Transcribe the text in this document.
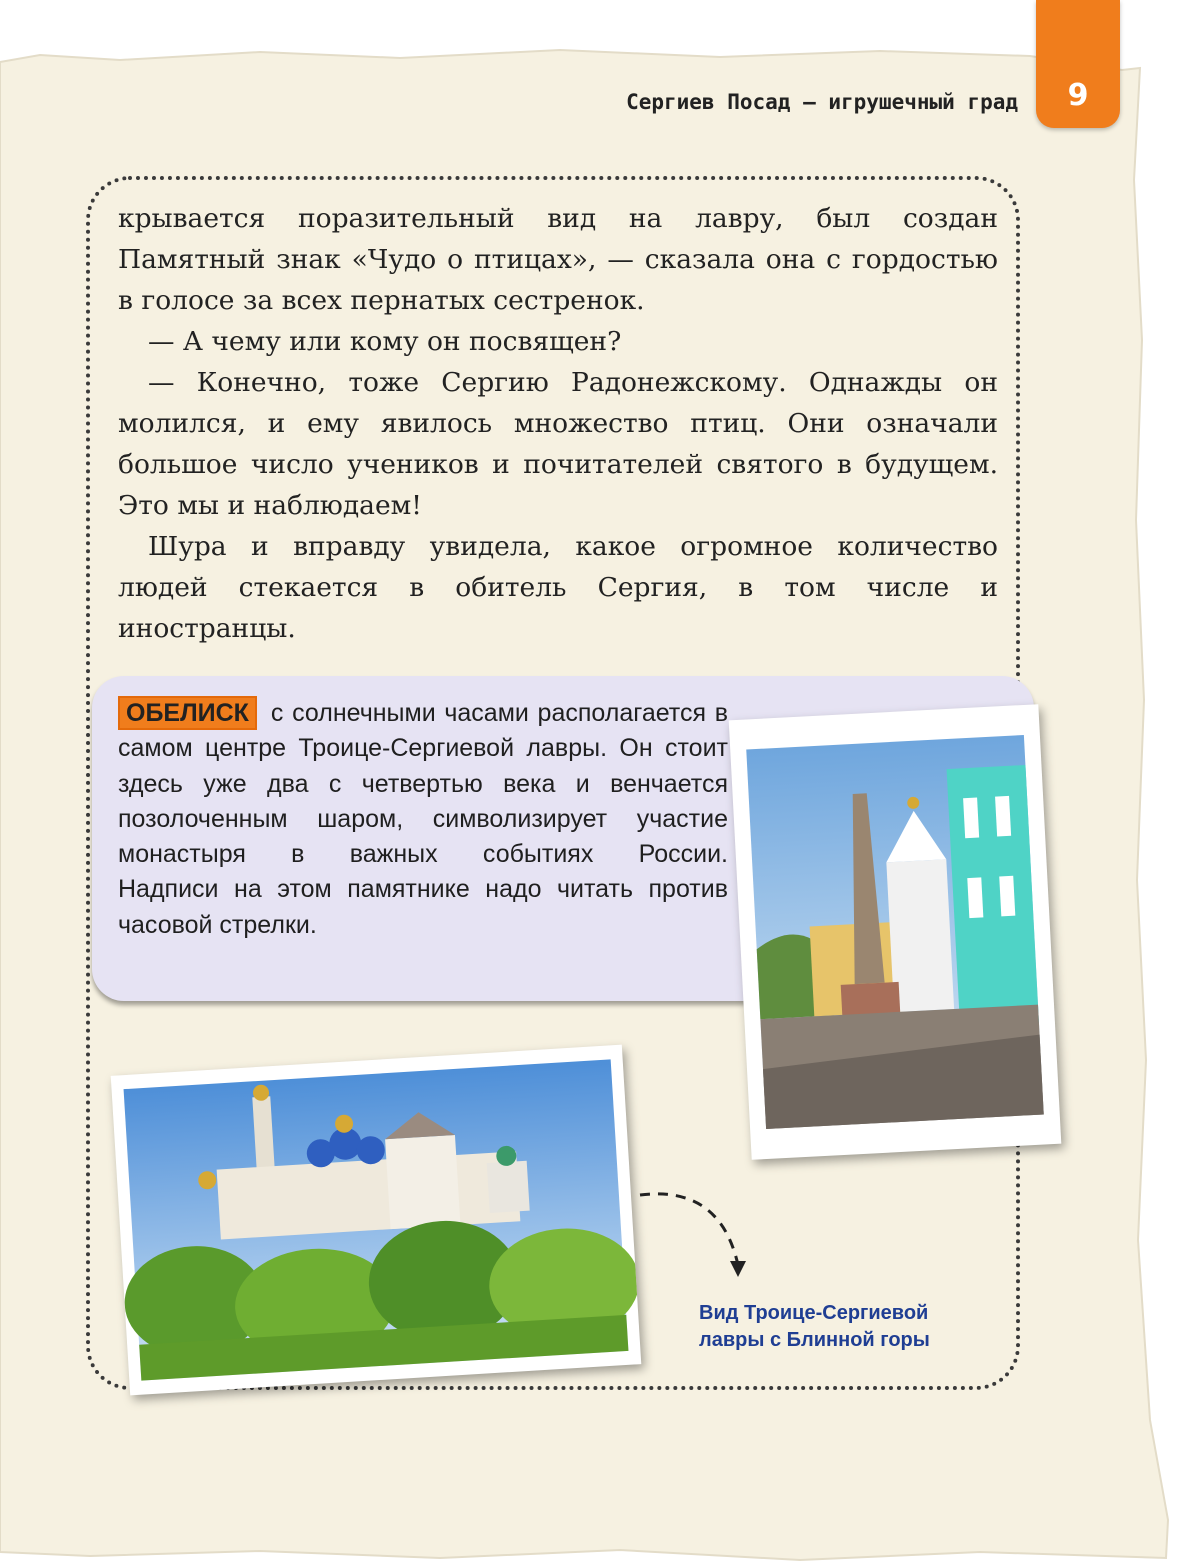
9
Сергиев Посад – игрушечный град

крывается поразительный вид на лавру, был создан Памятный знак «Чудо о птицах», — сказала она с гордостью в голосе за всех пернатых сестренок.

— А чему или кому он посвящен?

— Конечно, тоже Сергию Радонежскому. Однажды он молился, и ему явилось множество птиц. Они означали большое число учеников и почитателей святого в будущем. Это мы и наблюдаем!

Шура и вправду увидела, какое огромное количество людей стекается в обитель Сергия, в том числе и иностранцы.

ОБЕЛИСК с солнечными часами располагается в самом центре Троице-Сергиевой лавры. Он стоит здесь уже два с четвертью века и венчается позолоченным шаром, символизирует участие монастыря в важных событиях России.
Надписи на этом памятнике надо читать против часовой стрелки.
Вид Троице-Сергиевой
лавры с Блинной горы
